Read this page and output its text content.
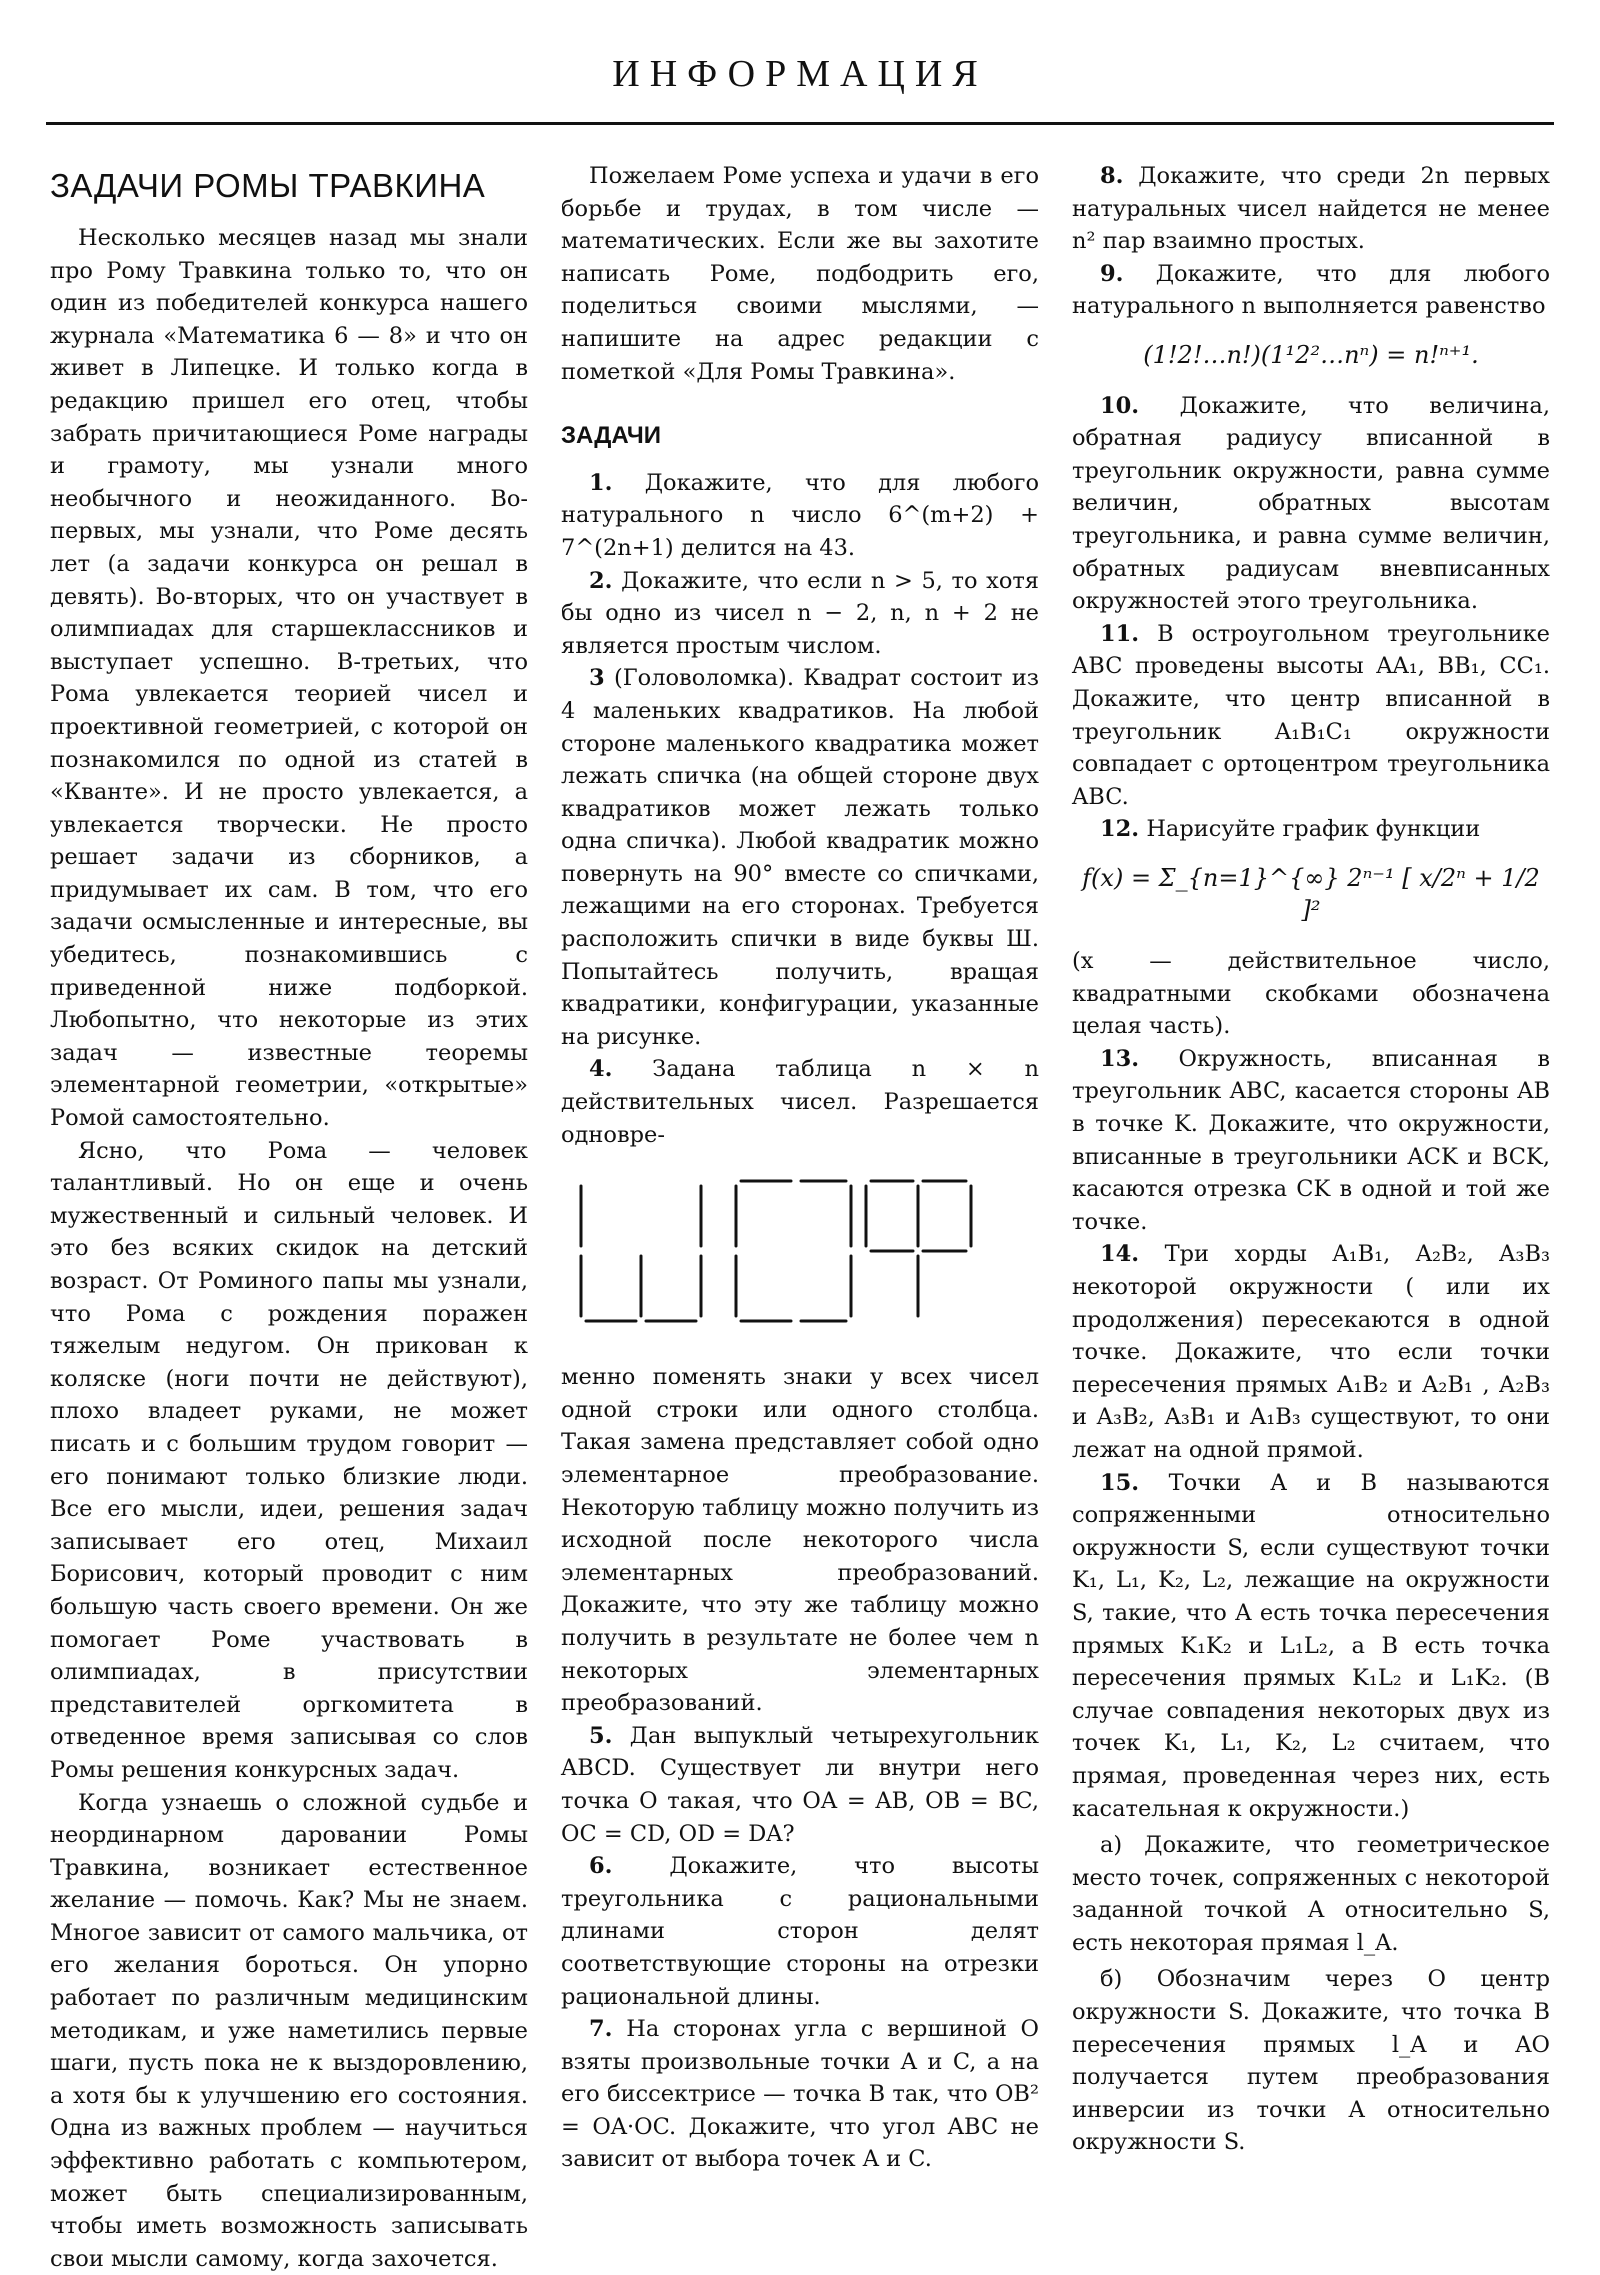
ИНФОРМАЦИЯ
ЗАДАЧИ РОМЫ ТРАВКИНА

Несколько месяцев назад мы знали про Рому Травкина только то, что он один из победителей конкурса нашего журнала «Математика 6 — 8» и что он живет в Липецке. И только когда в редакцию пришел его отец, чтобы забрать причитающиеся Роме награды и грамоту, мы узнали много необычного и неожиданного. Во-первых, мы узнали, что Роме десять лет (а задачи конкурса он решал в девять). Во-вторых, что он участвует в олимпиадах для старшеклассников и выступает успешно. В-третьих, что Рома увлекается теорией чисел и проективной геометрией, с которой он познакомился по одной из статей в «Кванте». И не просто увлекается, а увлекается творчески. Не просто решает задачи из сборников, а придумывает их сам. В том, что его задачи осмысленные и интересные, вы убедитесь, познакомившись с приведенной ниже подборкой. Любопытно, что некоторые из этих задач — известные теоремы элементарной геометрии, «открытые» Ромой самостоятельно.

Ясно, что Рома — человек талантливый. Но он еще и очень мужественный и сильный человек. И это без всяких скидок на детский возраст. От Роминого папы мы узнали, что Рома с рождения поражен тяжелым недугом. Он прикован к коляске (ноги почти не действуют), плохо владеет руками, не может писать и с большим трудом говорит — его понимают только близкие люди. Все его мысли, идеи, решения задач записывает его отец, Михаил Борисович, который проводит с ним большую часть своего времени. Он же помогает Роме участвовать в олимпиадах, в присутствии представителей оргкомитета в отведенное время записывая со слов Ромы решения конкурсных задач.

Когда узнаешь о сложной судьбе и неординарном даровании Ромы Травкина, возникает естественное желание — помочь. Как? Мы не знаем. Многое зависит от самого мальчика, от его желания бороться. Он упорно работает по различным медицинским методикам, и уже наметились первые шаги, пусть пока не к выздоровлению, а хотя бы к улучшению его состояния. Одна из важных проблем — научиться эффективно работать с компьютером, может быть специализированным, чтобы иметь возможность записывать свои мысли самому, когда захочется.

Пожелаем Роме успеха и удачи в его борьбе и трудах, в том числе — математических. Если же вы захотите написать Роме, подбодрить его, поделиться своими мыслями, — напишите на адрес редакции с пометкой «Для Ромы Травкина».

ЗАДАЧИ

1. Докажите, что для любого натурального n число 6^(m+2) + 7^(2n+1) делится на 43.

2. Докажите, что если n > 5, то хотя бы одно из чисел n − 2, n, n + 2 не является простым числом.

3 (Головоломка). Квадрат состоит из 4 маленьких квадратиков. На любой стороне маленького квадратика может лежать спичка (на общей стороне двух квадратиков может лежать только одна спичка). Любой квадратик можно повернуть на 90° вместе со спичками, лежащими на его сторонах. Требуется расположить спички в виде буквы Ш. Попытайтесь получить, вращая квадратики, конфигурации, указанные на рисунке.

4. Задана таблица n × n действительных чисел. Разрешается одновре-

менно поменять знаки у всех чисел одной строки или одного столбца. Такая замена представляет собой одно элементарное преобразование. Некоторую таблицу можно получить из исходной после некоторого числа элементарных преобразований. Докажите, что эту же таблицу можно получить в результате не более чем n некоторых элементарных преобразований.

5. Дан выпуклый четырехугольник ABCD. Существует ли внутри него точка O такая, что OA = AB, OB = BC, OC = CD, OD = DA?

6.	Докажите, что высоты треугольника с рациональными длинами сторон делят соответствующие стороны на отрезки рациональной длины.

7. На сторонах угла с вершиной O взяты произвольные точки A и C, а на его биссектрисе — точка B так, что OB² = OA·OC. Докажите, что угол ABC не зависит от выбора точек A и C.

8. Докажите, что среди 2n первых натуральных чисел найдется не менее n² пар взаимно простых.

9. Докажите, что для любого натурального n выполняется равенство

(1!2!…n!)(1¹2²…nⁿ) = n!ⁿ⁺¹.

10. Докажите, что величина, обратная радиусу вписанной в треугольник окружности, равна сумме величин, обратных высотам треугольника, и равна сумме величин, обратных радиусам вневписанных окружностей этого треугольника.

11. В остроугольном треугольнике ABC проведены высоты AA₁, BB₁, CC₁. Докажите, что центр вписанной в треугольник A₁B₁C₁ окружности совпадает с ортоцентром треугольника ABC.

12. Нарисуйте график функции

f(x) = Σ_{n=1}^{∞} 2ⁿ⁻¹ [ x/2ⁿ + 1/2 ]²

(x — действительное число, квадратными скобками обозначена целая часть).

13. Окружность, вписанная в треугольник ABC, касается стороны AB в точке K. Докажите, что окружности, вписанные в треугольники ACK и BCK, касаются отрезка CK в одной и той же точке.

14. Три хорды A₁B₁, A₂B₂, A₃B₃ некоторой окружности ( или их продолжения) пересекаются в одной точке. Докажите, что если точки пересечения прямых A₁B₂ и A₂B₁ , A₂B₃ и A₃B₂, A₃B₁ и A₁B₃ существуют, то они лежат на одной прямой.

15. Точки A и B называются сопряженными относительно окружности S, если существуют точки K₁, L₁, K₂, L₂, лежащие на окружности S, такие, что A есть точка пересечения прямых K₁K₂ и L₁L₂, а B есть точка пересечения прямых K₁L₂ и L₁K₂. (В случае совпадения некоторых двух из точек K₁, L₁, K₂, L₂ считаем, что прямая, проведенная через них, есть касательная к окружности.)

а) Докажите, что геометрическое место точек, сопряженных с некоторой заданной точкой A относительно S, есть некоторая прямая l_A.

б) Обозначим через O центр окружности S. Докажите, что точка B пересечения прямых l_A и AO получается путем преобразования инверсии из точки A относительно окружности S.
